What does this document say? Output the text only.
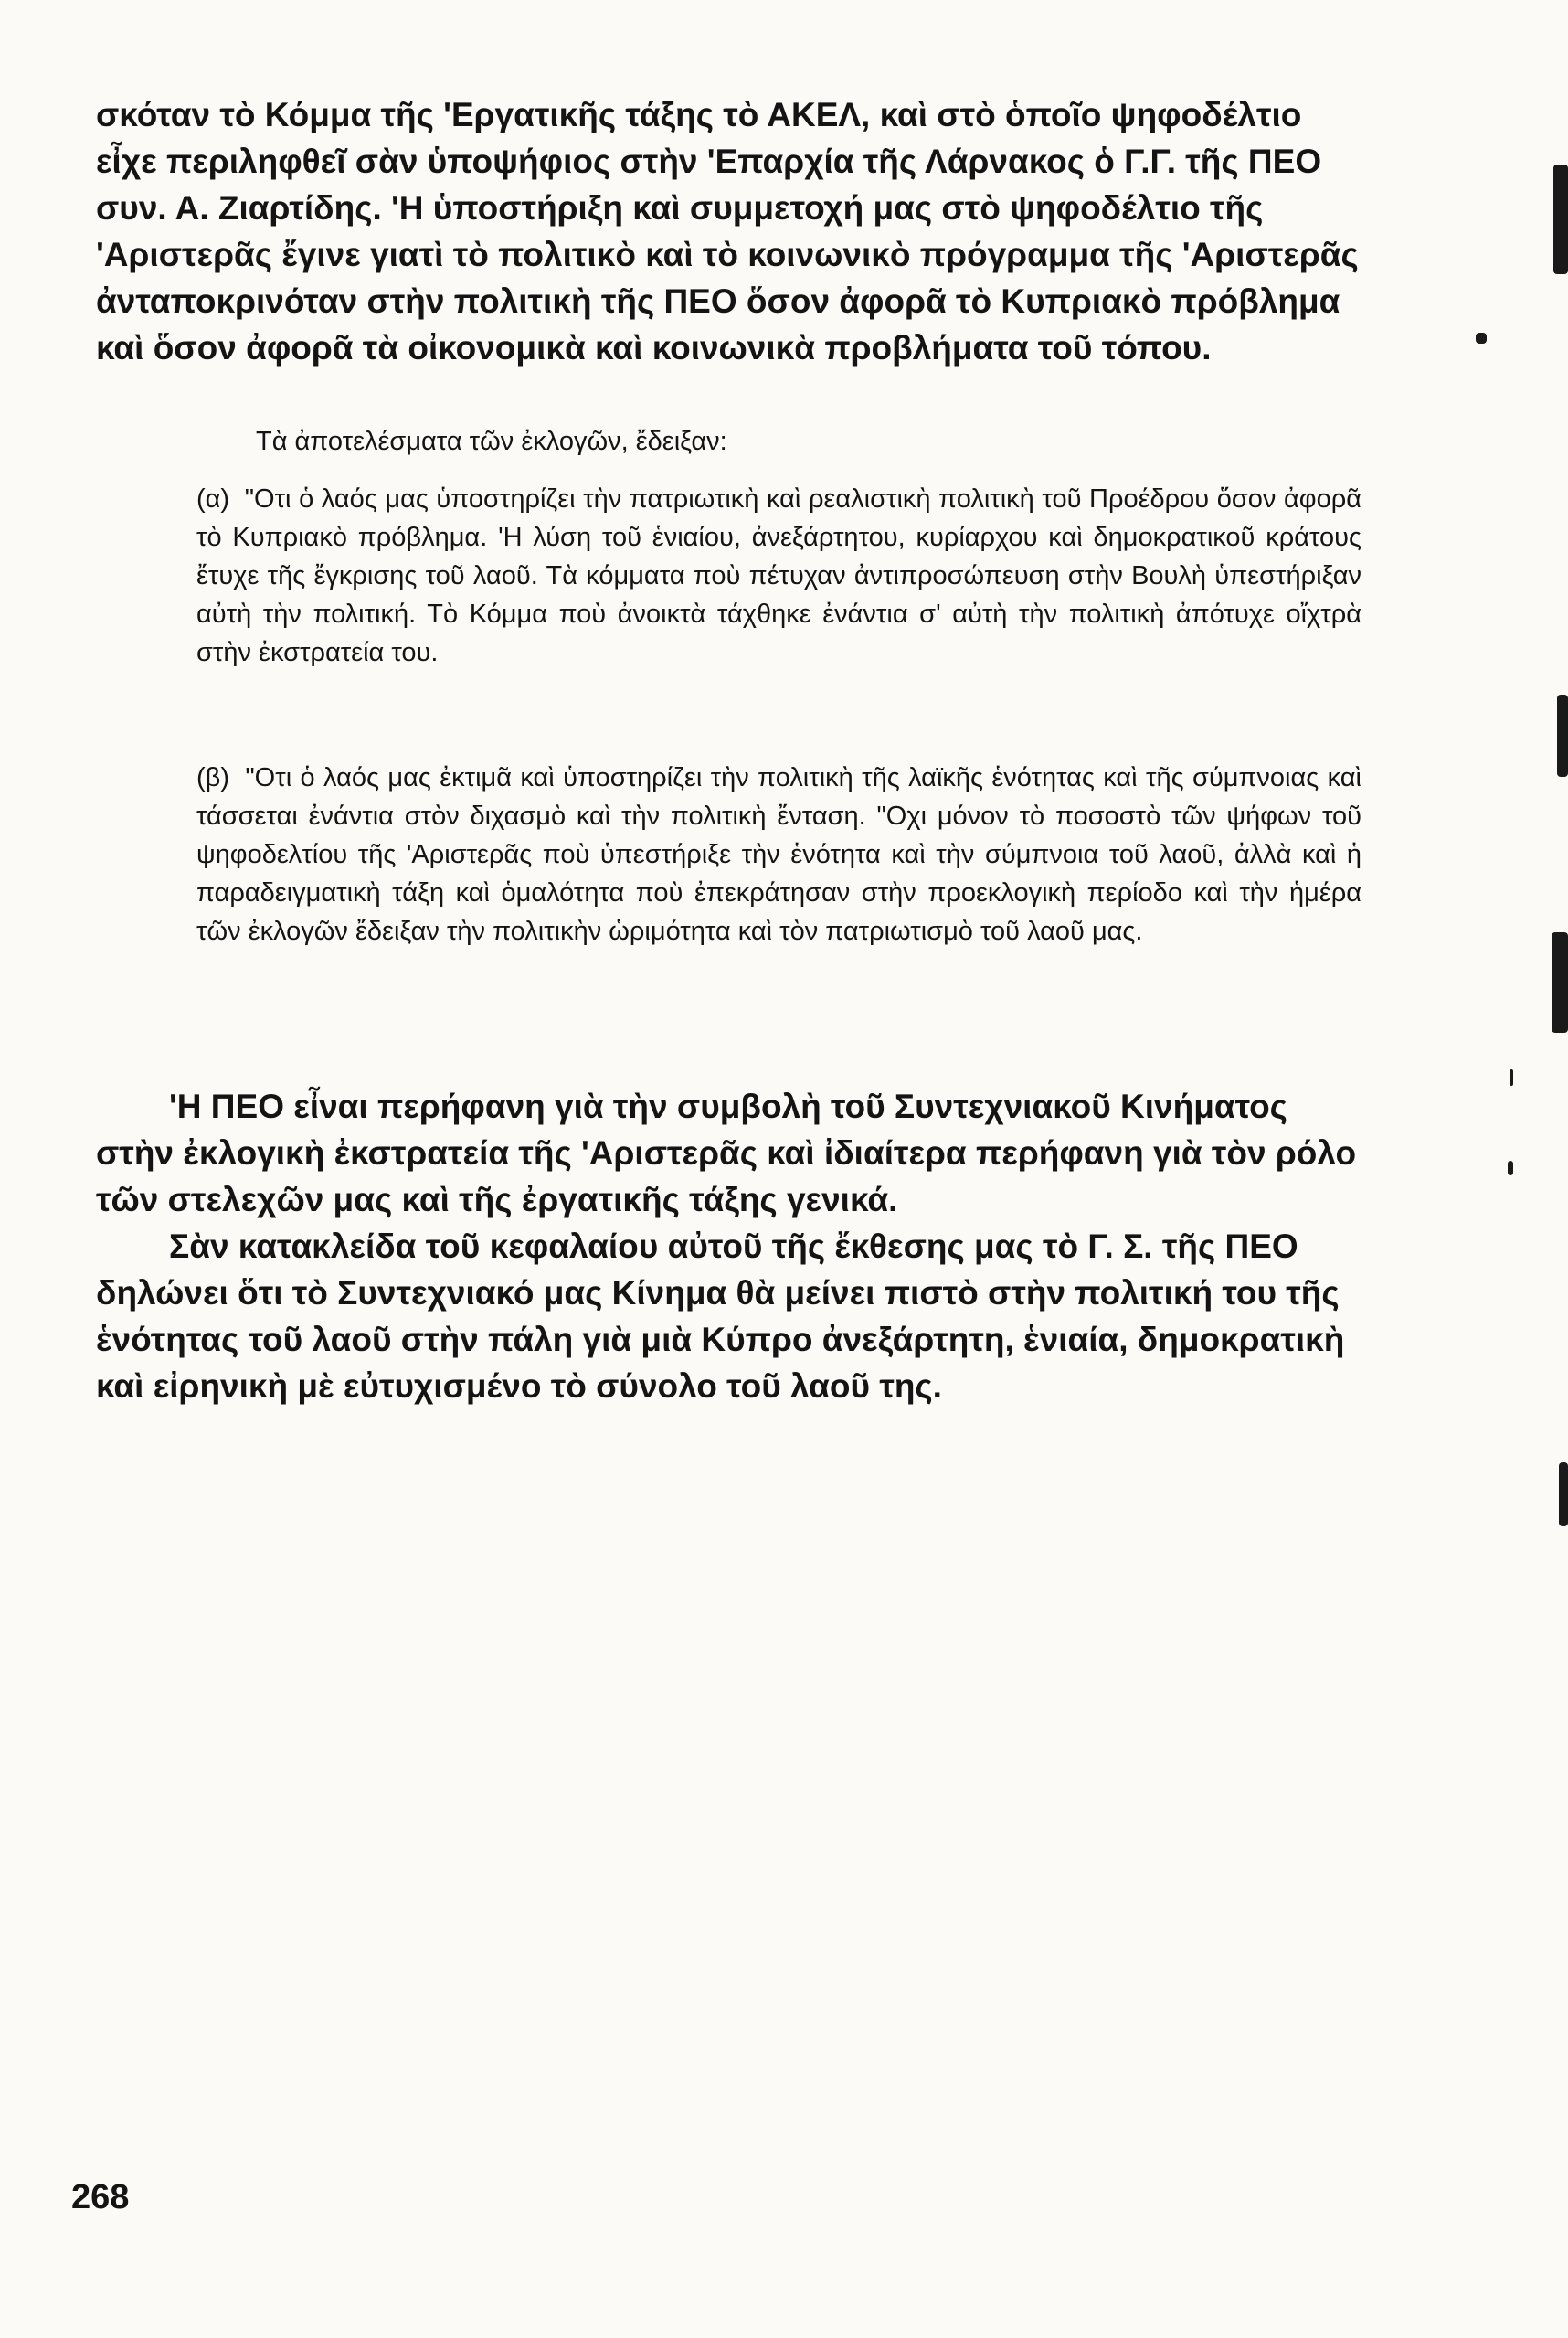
σκόταν τὸ Κόμμα τῆς 'Εργατικῆς τάξης τὸ ΑΚΕΛ, καὶ στὸ ὁποῖο ψηφοδέλτιο εἶχε περιληφθεῖ σὰν ὑποψήφιος στὴν 'Επαρχία τῆς Λάρνακος ὁ Γ.Γ. τῆς ΠΕΟ συν. Α. Ζιαρτίδης. 'Η ὑποστήριξη καὶ συμμετοχή μας στὸ ψηφοδέλτιο τῆς 'Αριστερᾶς ἔγινε γιατὶ τὸ πολιτικὸ καὶ τὸ κοινωνικὸ πρόγραμμα τῆς 'Αριστερᾶς ἀνταποκρινόταν στὴν πολιτικὴ τῆς ΠΕΟ ὅσον ἀφορᾶ τὸ Κυπριακὸ πρόβλημα καὶ ὅσον ἀφορᾶ τὰ οἰκονομικὰ καὶ κοινωνικὰ προβλήματα τοῦ τόπου.
Τὰ ἀποτελέσματα τῶν ἐκλογῶν, ἔδειξαν:
(α) "Οτι ὁ λαός μας ὑποστηρίζει τὴν πατριωτικὴ καὶ ρεαλιστικὴ πολιτικὴ τοῦ Προέδρου ὅσον ἀφορᾶ τὸ Κυπριακὸ πρόβλημα. 'Η λύση τοῦ ἑνιαίου, ἀνεξάρτητου, κυρίαρχου καὶ δημοκρατικοῦ κράτους ἔτυχε τῆς ἔγκρισης τοῦ λαοῦ. Τὰ κόμματα ποὺ πέτυχαν ἀντιπροσώπευση στὴν Βουλὴ ὑπεστήριξαν αὐτὴ τὴν πολιτική. Τὸ Κόμμα ποὺ ἀνοικτὰ τάχθηκε ἐνάντια σ' αὐτὴ τὴν πολιτικὴ ἀπότυχε οἴχτρὰ στὴν ἐκστρατεία του.
(β) "Οτι ὁ λαός μας ἐκτιμᾶ καὶ ὑποστηρίζει τὴν πολιτικὴ τῆς λαϊκῆς ἑνότητας καὶ τῆς σύμπνοιας καὶ τάσσεται ἐνάντια στὸν διχασμὸ καὶ τὴν πολιτικὴ ἔνταση. "Οχι μόνον τὸ ποσοστὸ τῶν ψήφων τοῦ ψηφοδελτίου τῆς 'Αριστερᾶς ποὺ ὑπεστήριξε τὴν ἑνότητα καὶ τὴν σύμπνοια τοῦ λαοῦ, ἀλλὰ καὶ ἡ παραδειγματικὴ τάξη καὶ ὁμαλότητα ποὺ ἐπεκράτησαν στὴν προεκλογικὴ περίοδο καὶ τὴν ἡμέρα τῶν ἐκλογῶν ἔδειξαν τὴν πολιτικὴν ὡριμότητα καὶ τὸν πατριωτισμὸ τοῦ λαοῦ μας.

'Η ΠΕΟ εἶναι περήφανη γιὰ τὴν συμβολὴ τοῦ Συντεχνιακοῦ Κινήματος στὴν ἐκλογικὴ ἐκστρατεία τῆς 'Αριστερᾶς καὶ ἰδιαίτερα περήφανη γιὰ τὸν ρόλο τῶν στελεχῶν μας καὶ τῆς ἐργατικῆς τάξης γενικά.

Σὰν κατακλείδα τοῦ κεφαλαίου αὐτοῦ τῆς ἔκθεσης μας τὸ Γ. Σ. τῆς ΠΕΟ δηλώνει ὅτι τὸ Συντεχνιακό μας Κίνημα θὰ μείνει πιστὸ στὴν πολιτική του τῆς ἑνότητας τοῦ λαοῦ στὴν πάλη γιὰ μιὰ Κύπρο ἀνεξάρτητη, ἑνιαία, δημοκρατικὴ καὶ εἰρηνικὴ μὲ εὐτυχισμένο τὸ σύνολο τοῦ λαοῦ της.

268
